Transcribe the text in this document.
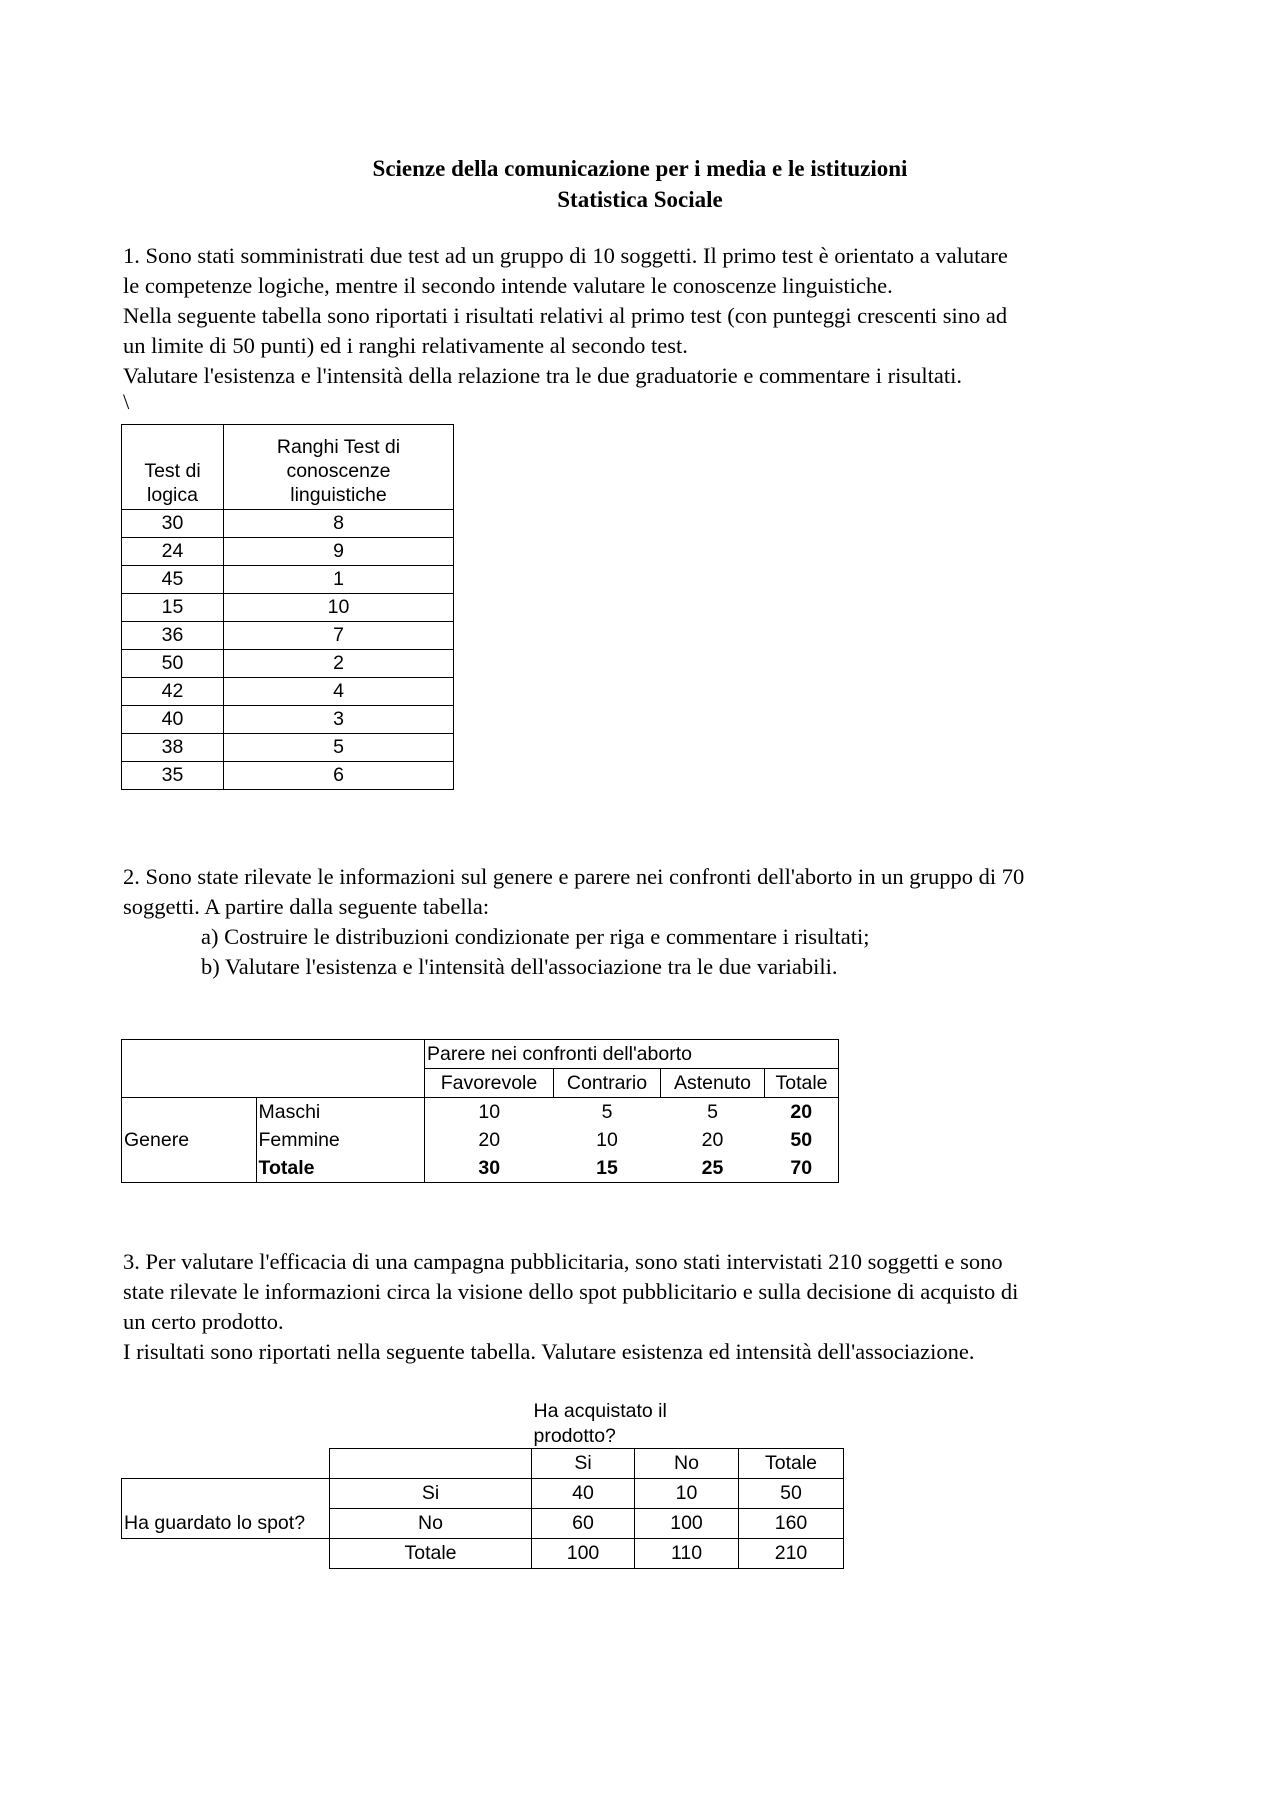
Scienze della comunicazione per i media e le istituzioni
Statistica Sociale

1. Sono stati somministrati due test ad un gruppo di 10 soggetti. Il primo test è orientato a valutare

le competenze logiche, mentre il secondo intende valutare le conoscenze linguistiche.

Nella seguente tabella sono riportati i risultati relativi al primo test (con punteggi crescenti sino ad

un limite di 50 punti) ed i ranghi relativamente al secondo test.

Valutare l'esistenza e l'intensità della relazione tra le due graduatorie e commentare i risultati.

\

Test di logica	Ranghi Test di conoscenze linguistiche
30	8
24	9
45	1
15	10
36	7
50	2
42	4
40	3
38	5
35	6

2. Sono state rilevate le informazioni sul genere e parere nei confronti dell'aborto in un gruppo di 70

soggetti. A partire dalla seguente tabella:

a) Costruire le distribuzioni condizionate per riga e commentare i risultati;

b) Valutare l'esistenza e l'intensità dell'associazione tra le due variabili.

		Parere nei confronti dell'aborto			
		Favorevole	Contrario	Astenuto	Totale
	Maschi	10	5	5	20
Genere	Femmine	20	10	20	50
	Totale	30	15	25	70

3. Per valutare l'efficacia di una campagna pubblicitaria, sono stati intervistati 210 soggetti e sono

state rilevate le informazioni circa la visione dello spot pubblicitario e sulla decisione di acquisto di

un certo prodotto.

I risultati sono riportati nella seguente tabella. Valutare esistenza ed intensità dell'associazione.

		Ha acquistato il		
		prodotto?		
		Si	No	Totale
	Si	40	10	50
Ha guardato lo spot?	No	60	100	160
	Totale	100	110	210
